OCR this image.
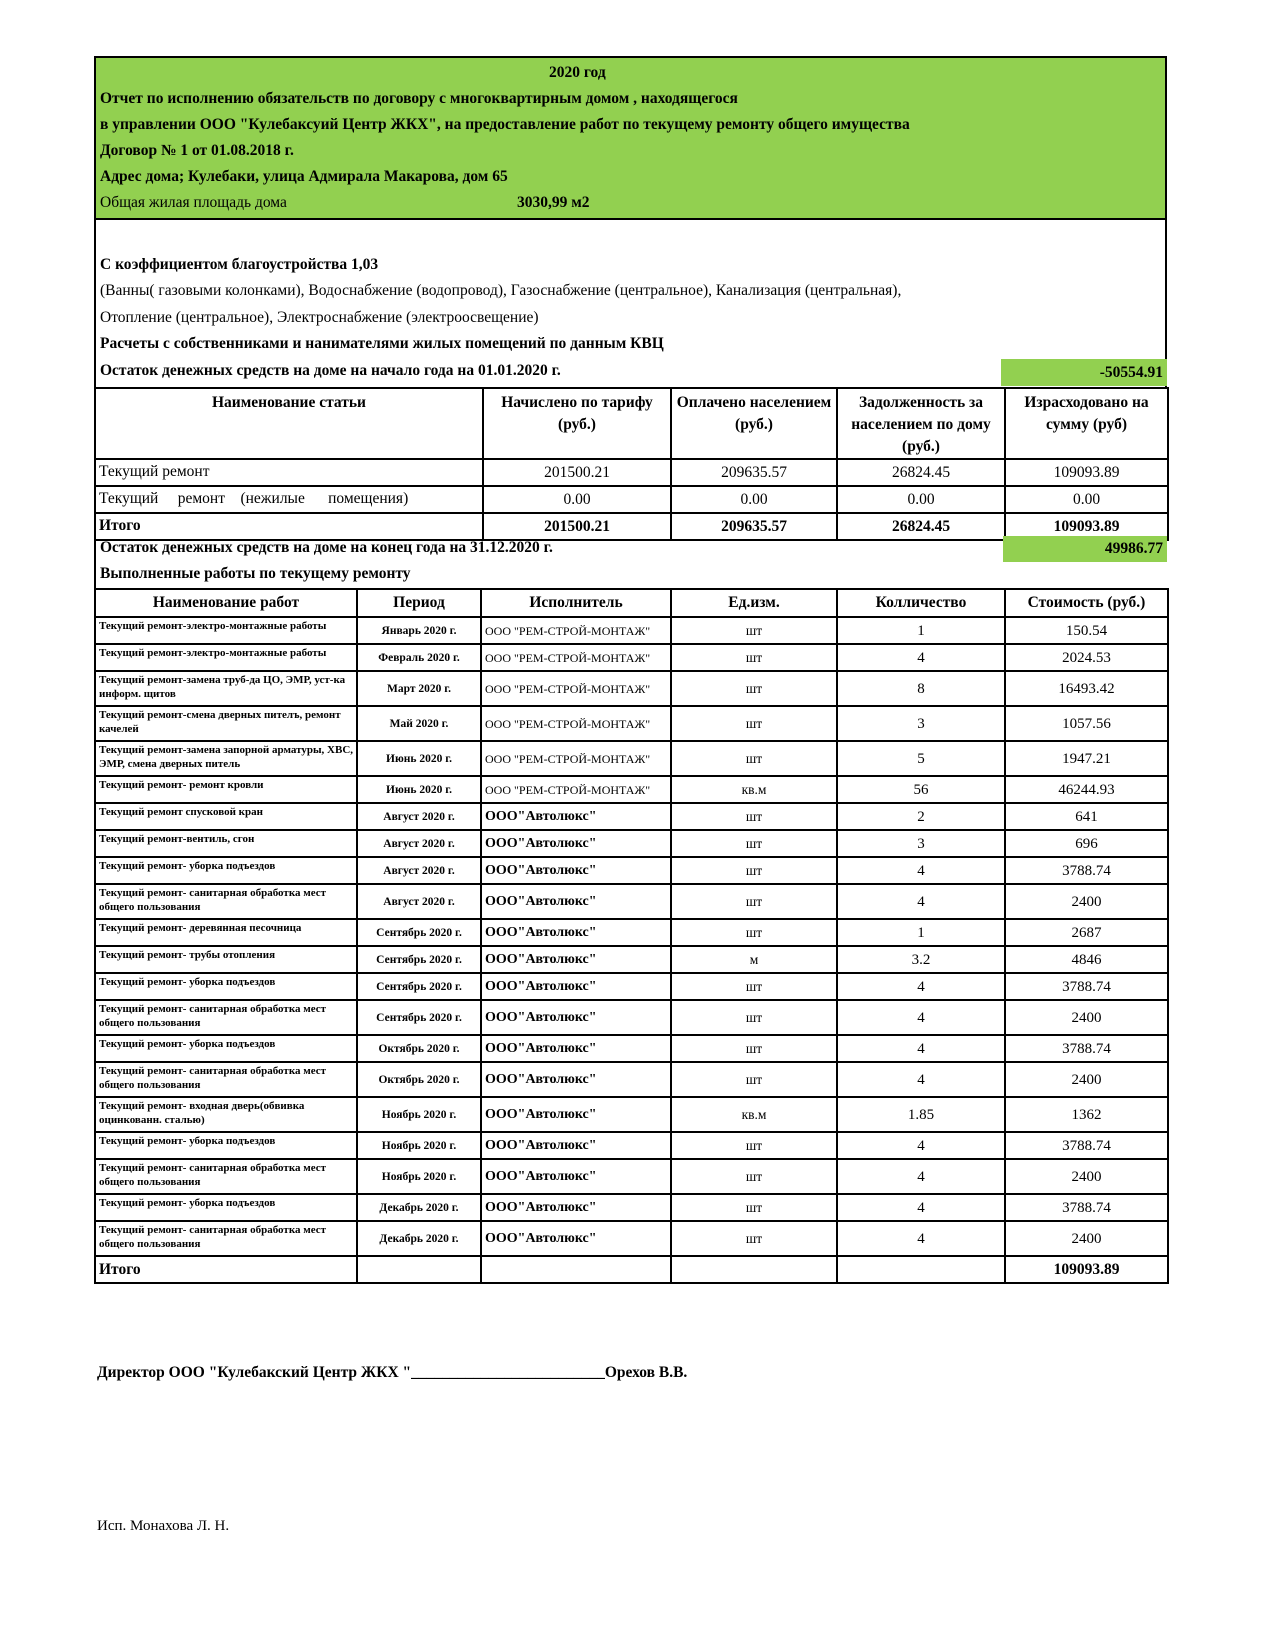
2020 год
Отчет по исполнению обязательств по договору с многоквартирным домом , находящегося
в управлении ООО "Кулебаксуий Центр ЖКХ", на предоставление работ по текущему ремонту общего имущества
Договор № 1 от 01.08.2018 г.
Адрес дома; Кулебаки, улица Адмирала Макарова, дом 65
Общая жилая площадь дома	3030,99 м2
С коэффициентом благоустройства 1,03
(Ванны( газовыми колонками), Водоснабжение (водопровод), Газоснабжение (центральное), Канализация (центральная),
Отопление (центральное), Электроснабжение (электроосвещение)
Расчеты с собственниками и нанимателями жилых помещений по данным КВЦ
Остаток денежных средств на доме на начало года на 01.01.2020 г.	-50554.91
Наименование статьи	Начислено по тарифу (руб.)	Оплачено населением (руб.)	Задолженность за населением по дому (руб.)	Израсходовано на сумму (руб)
Текущий ремонт	201500.21	209635.57	26824.45	109093.89
Текущий     ремонт    (нежилые      помещения)	0.00	0.00	0.00	0.00
Итого	201500.21	209635.57	26824.45	109093.89
Остаток денежных средств на доме на конец года на 31.12.2020 г.	49986.77
Выполненные работы по текущему ремонту
Наименование работ	Период	Исполнитель	Ед.изм.	Колличество	Стоимость (руб.)
Текущий ремонт-электро-монтажные работы	Январь 2020 г.	ООО "РЕМ-СТРОЙ-МОНТАЖ"	шт	1	150.54
Текущий ремонт-электро-монтажные работы	Февраль 2020 г.	ООО "РЕМ-СТРОЙ-МОНТАЖ"	шт	4	2024.53
Текущий ремонт-замена труб-да ЦО, ЭМР, уст-ка информ. щитов	Март 2020 г.	ООО "РЕМ-СТРОЙ-МОНТАЖ"	шт	8	16493.42
Текущий ремонт-смена дверных пителъ, ремонт качелей	Май 2020 г.	ООО "РЕМ-СТРОЙ-МОНТАЖ"	шт	3	1057.56
Текущий ремонт-замена запорной арматуры, ХВС, ЭМР, смена дверных питель	Июнь 2020 г.	ООО "РЕМ-СТРОЙ-МОНТАЖ"	шт	5	1947.21
Текущий ремонт- ремонт кровли	Июнь 2020 г.	ООО "РЕМ-СТРОЙ-МОНТАЖ"	кв.м	56	46244.93
Текущий ремонт спусковой кран	Август 2020 г.	ООО"Автолюкс"	шт	2	641
Текущий ремонт-вентиль, сгон	Август 2020 г.	ООО"Автолюкс"	шт	3	696
Текущий ремонт- уборка подъездов	Август 2020 г.	ООО"Автолюкс"	шт	4	3788.74
Текущий ремонт- санитарная обработка мест общего пользования	Август 2020 г.	ООО"Автолюкс"	шт	4	2400
Текущий ремонт- деревянная песочница	Сентябрь 2020 г.	ООО"Автолюкс"	шт	1	2687
Текущий ремонт- трубы отопления	Сентябрь 2020 г.	ООО"Автолюкс"	м	3.2	4846
Текущий ремонт- уборка подъездов	Сентябрь 2020 г.	ООО"Автолюкс"	шт	4	3788.74
Текущий ремонт- санитарная обработка мест общего пользования	Сентябрь 2020 г.	ООО"Автолюкс"	шт	4	2400
Текущий ремонт- уборка подъездов	Октябрь 2020 г.	ООО"Автолюкс"	шт	4	3788.74
Текущий ремонт- санитарная обработка мест общего пользования	Октябрь 2020 г.	ООО"Автолюкс"	шт	4	2400
Текущий ремонт- входная дверь(обвивка оцинкованн. сталью)	Ноябрь 2020 г.	ООО"Автолюкс"	кв.м	1.85	1362
Текущий ремонт- уборка подъездов	Ноябрь 2020 г.	ООО"Автолюкс"	шт	4	3788.74
Текущий ремонт- санитарная обработка мест общего пользования	Ноябрь 2020 г.	ООО"Автолюкс"	шт	4	2400
Текущий ремонт- уборка подъездов	Декабрь 2020 г.	ООО"Автолюкс"	шт	4	3788.74
Текущий ремонт- санитарная обработка мест общего пользования	Декабрь 2020 г.	ООО"Автолюкс"	шт	4	2400
Итого					109093.89
Директор ООО "Кулебакский Центр ЖКХ "_________________________Орехов В.В.
Исп. Монахова Л. Н.
